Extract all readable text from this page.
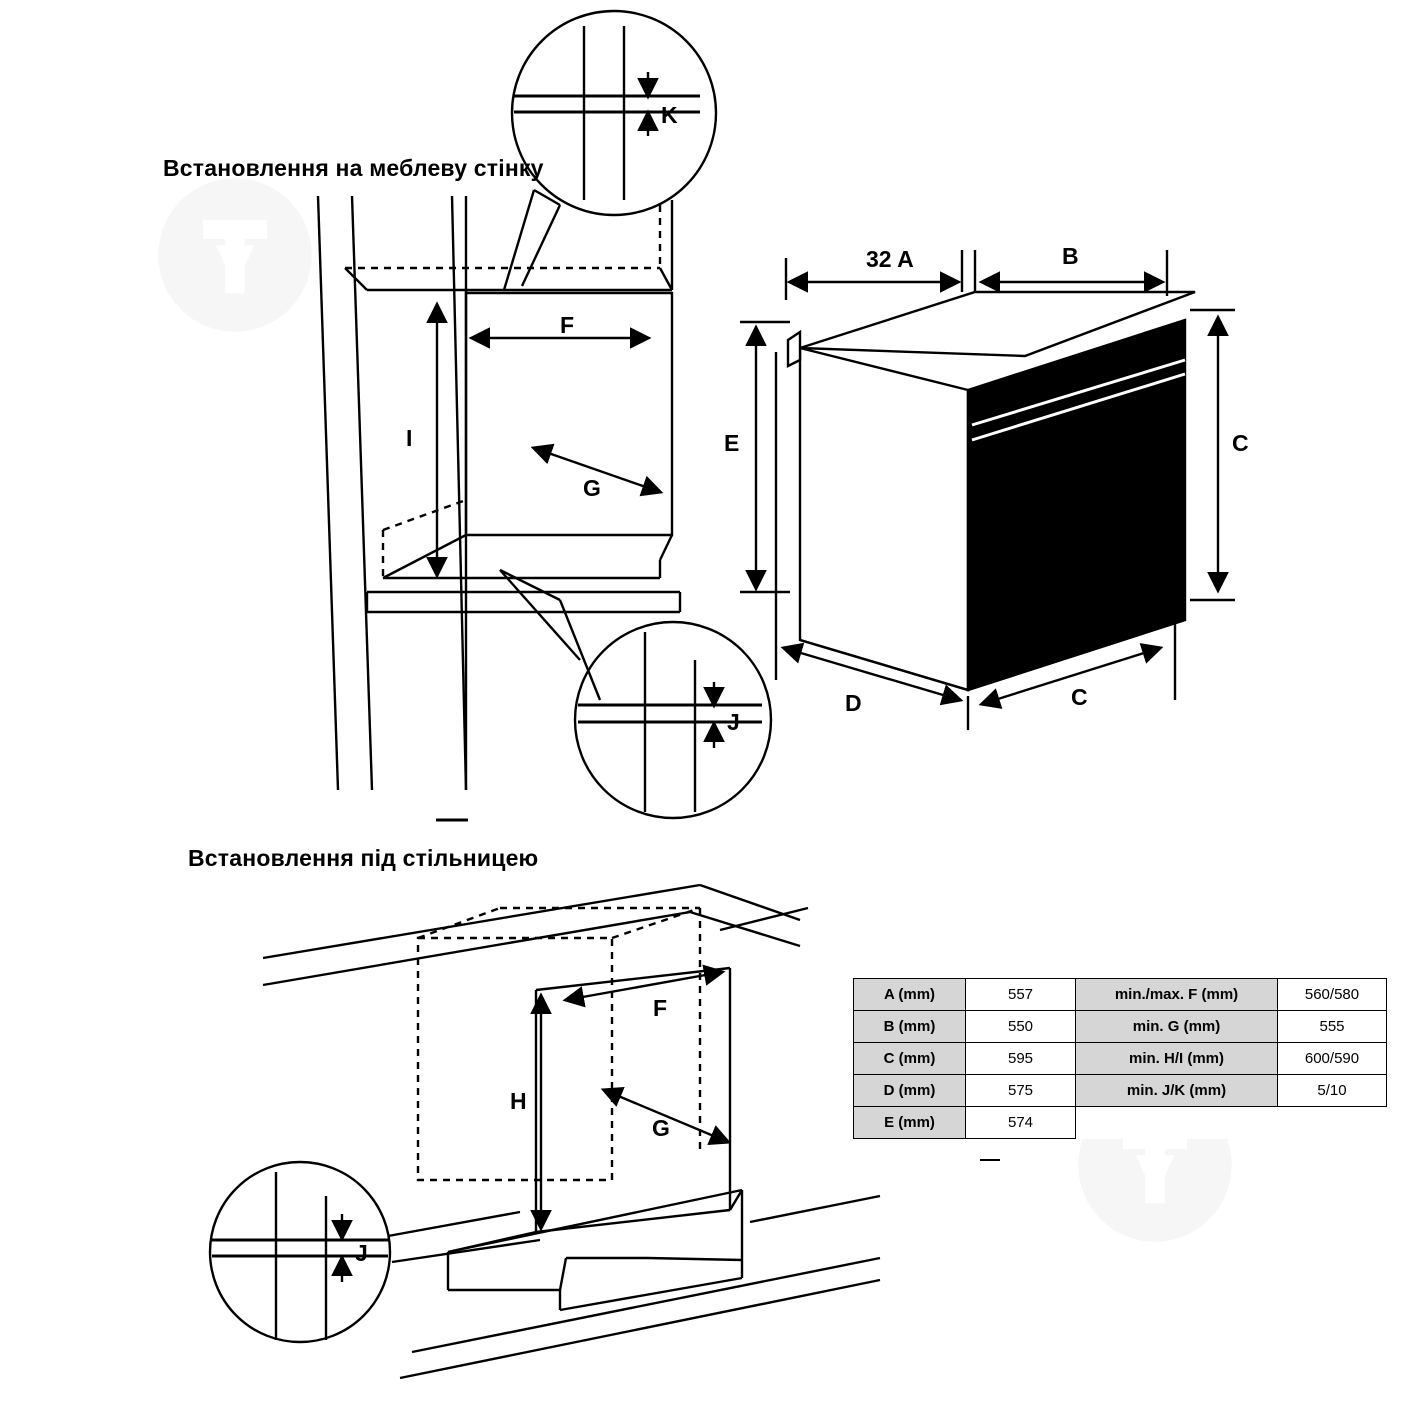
Встановлення на меблеву стінку
Встановлення під стільницею
K
J
J
F
G
I	E
B
32 A
C
C
D
H
F
G
A (mm)	557	min./max. F (mm)	560/580
B (mm)	550	min. G (mm)	555
C (mm)	595	min. H/I (mm)	600/590
D (mm)	575	min. J/K (mm)	5/10
E (mm)	574		
